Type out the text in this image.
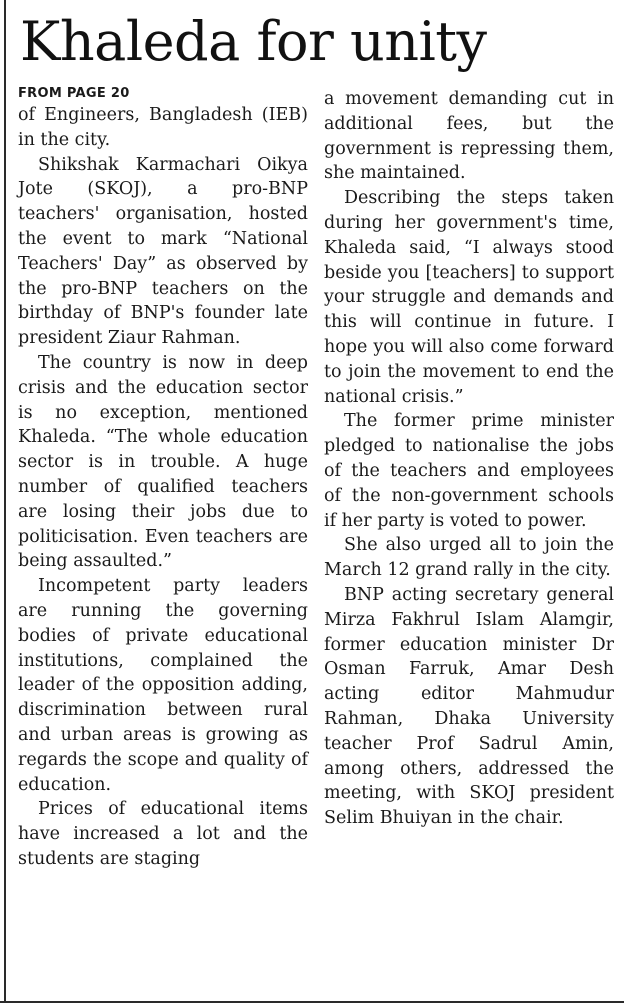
Khaleda for unity
FROM PAGE 20

of Engineers, Bangladesh (IEB) in the city.

Shikshak Karmachari Oikya Jote (SKOJ), a pro-BNP teachers' organisation, hosted the event to mark “National Teachers' Day” as observed by the pro-BNP teachers on the birthday of BNP's founder late president Ziaur Rahman.

The country is now in deep crisis and the education sector is no exception, mentioned Khaleda. “The whole education sector is in trouble. A huge number of qualified teachers are losing their jobs due to politicisation. Even teachers are being assaulted.”

Incompetent party leaders are running the governing bodies of private educational institutions, complained the leader of the opposition adding, discrimination between rural and urban areas is growing as regards the scope and quality of education.

Prices of educational items have increased a lot and the students are staging

a movement demanding cut in additional fees, but the government is repressing them, she maintained.

Describing the steps taken during her government's time, Khaleda said, “I always stood beside you [teachers] to support your struggle and demands and this will continue in future. I hope you will also come forward to join the movement to end the national crisis.”

The former prime minister pledged to nationalise the jobs of the teachers and employees of the non-government schools if her party is voted to power.

She also urged all to join the March 12 grand rally in the city.

BNP acting secretary general Mirza Fakhrul Islam Alamgir, former education minister Dr Osman Farruk, Amar Desh acting editor Mahmudur Rahman, Dhaka University teacher Prof Sadrul Amin, among others, addressed the meeting, with SKOJ president Selim Bhuiyan in the chair.
